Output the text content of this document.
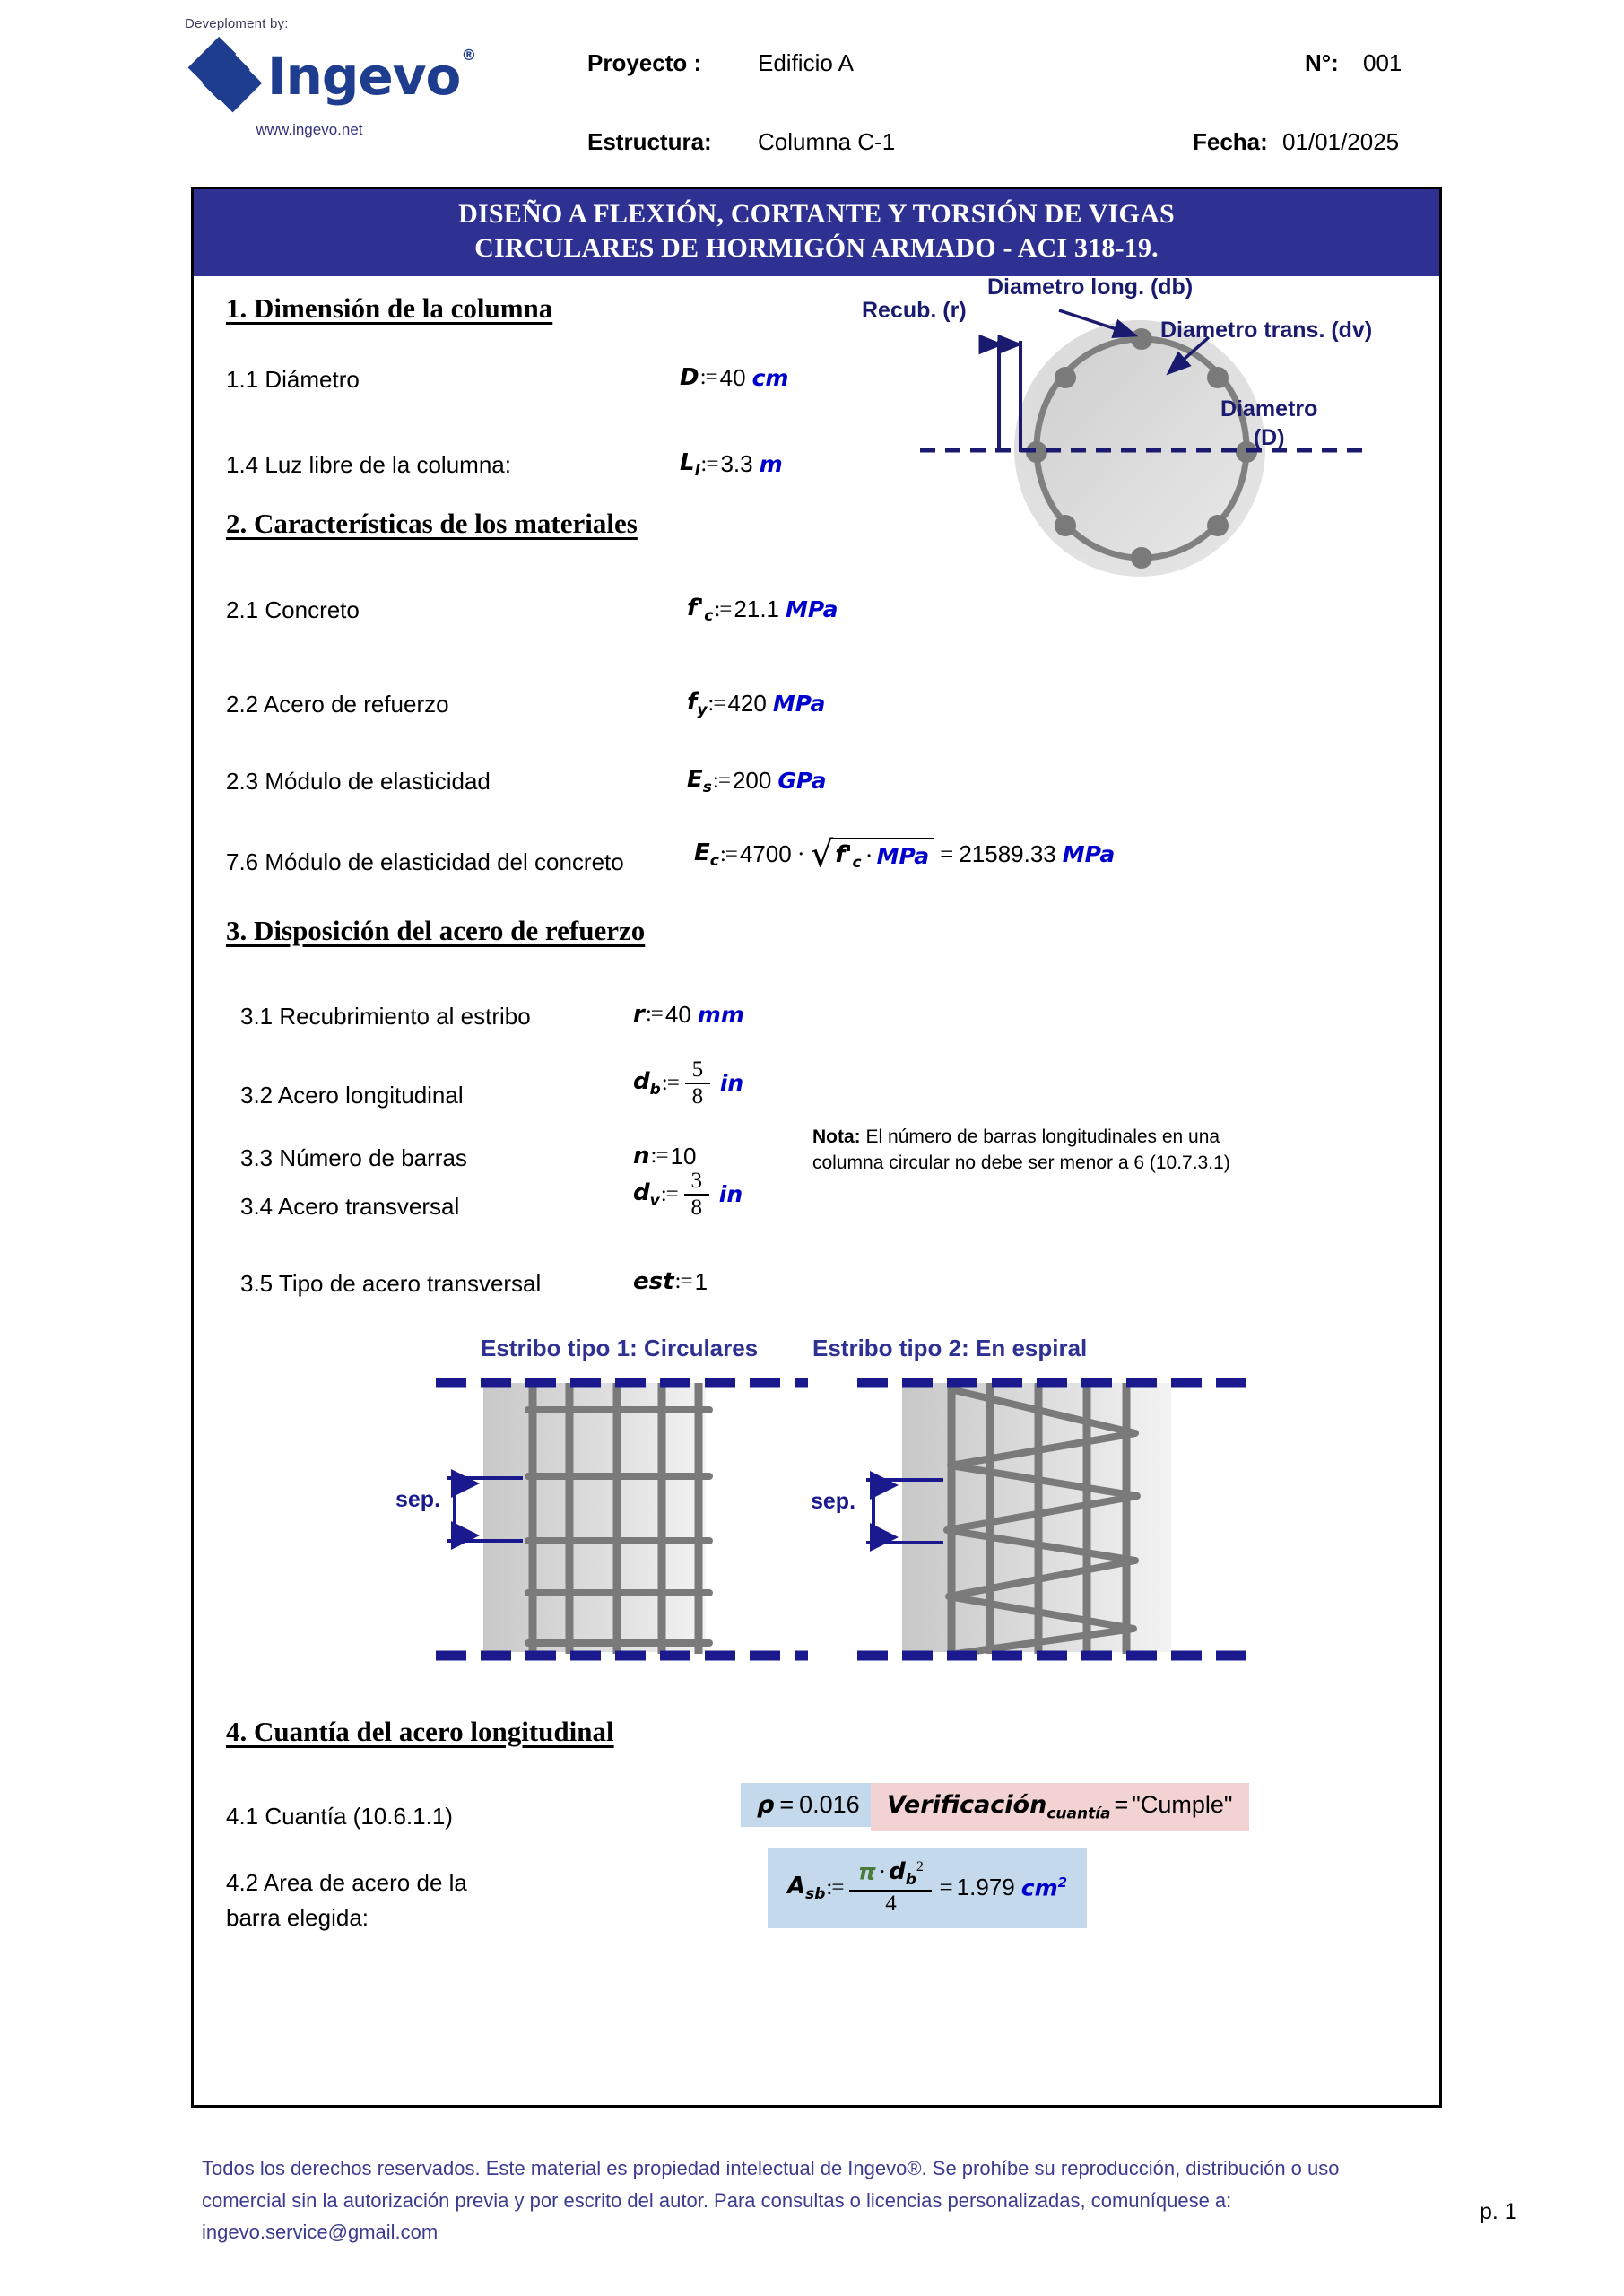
Deveploment by:
Ingevo®
www.ingevo.net
Proyecto : Edificio A	N°: 001
Estructura: Columna C-1	Fecha: 01/01/2025
DISEÑO A FLEXIÓN, CORTANTE Y TORSIÓN DE VIGAS
CIRCULARES DE HORMIGÓN ARMADO - ACI 318-19.
1. Dimensión de la columna
1.1 Diámetro	D := 40 cm
1.4 Luz libre de la columna:	$L_l$ := 3.3 m
Recub. (r)
Diametro long. (db)
Diametro trans. (dv)
Diametro
(D)
2. Características de los materiales
2.1 Concreto	$f'_c$ := 21.1 MPa
2.2 Acero de refuerzo	$f_y$ := 420 MPa
2.3 Módulo de elasticidad	$E_s$ := 200 GPa
7.6 Módulo de elasticidad del concreto	$E_c$ := 4700 · √ $f'_c$ · MPa = 21589.33 MPa
3. Disposición del acero de refuerzo
3.1 Recubrimiento al estribo	r := 40 mm
3.2 Acero longitudinal	$d_b$ := $\frac{5}{8}$ in
3.3 Número de barras	n := 10
Nota: El número de barras longitudinales en una columna circular no debe ser menor a 6 (10.7.3.1)
3.4 Acero transversal	$d_v$ := $\frac{3}{8}$ in
3.5 Tipo de acero transversal	est := 1
Estribo tipo 1: Circulares Estribo tipo 2: En espiral
sep.	sep.
4. Cuantía del acero longitudinal
4.1 Cuantía (10.6.1.1)	ρ = 0.016 Verificación$_{cuantía}$ = "Cumple"
4.2 Area de acero de la
barra elegida:
$A_{sb}$ := $\frac{\pi \cdot d_b^2}{4} = 1.979$ $cm^2$
Todos los derechos reservados. Este material es propiedad intelectual de Ingevo®. Se prohíbe su reproducción, distribución o uso comercial sin la autorización previa y por escrito del autor. Para consultas o licencias personalizadas, comuníquese a: ingevo.service@gmail.com
p. 1
